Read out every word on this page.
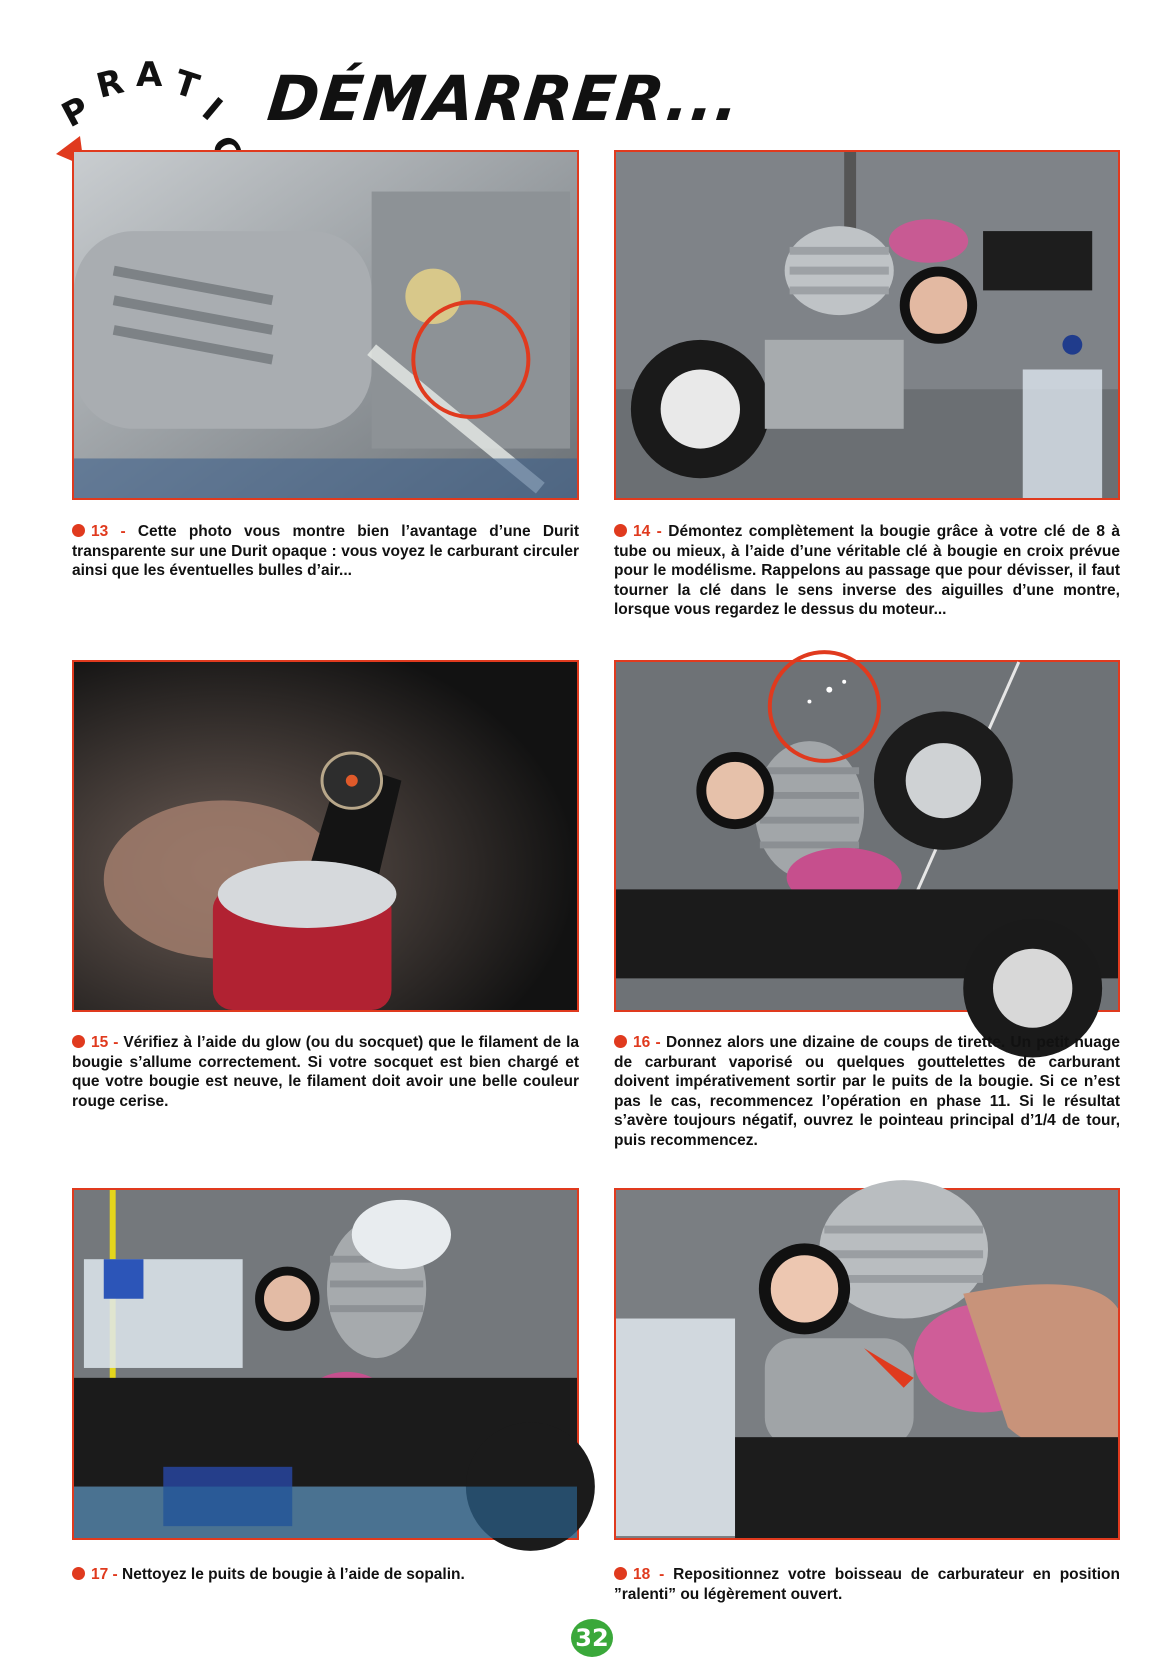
P
R A T
I DÉMARRER...
13 - Cette photo vous montre bien l’avantage d’une Durit transparente sur une Durit opaque : vous voyez le carburant circuler ainsi que les éventuelles bulles d’air...
14 - Démontez complètement la bougie grâce à votre clé de 8 à tube ou mieux, à l’aide d’une véritable clé à bougie en croix prévue pour le modélisme. Rappelons au passage que pour dévisser, il faut tourner la clé dans le sens inverse des aiguilles d’une montre, lorsque vous regardez le dessus du moteur...
15 - Vérifiez à l’aide du glow (ou du socquet) que le filament de la bougie s’allume correctement. Si votre socquet est bien chargé et que votre bougie est neuve, le filament doit avoir une belle couleur rouge cerise.
16 - Donnez alors une dizaine de coups de tirette. Un petit nuage de carburant vaporisé ou quelques gouttelettes de carburant doivent impérativement sortir par le puits de la bougie. Si ce n’est pas le cas, recommencez l’opération en phase 11. Si le résultat s’avère toujours négatif, ouvrez le pointeau principal d’1/4 de tour, puis recommencez.
17 - Nettoyez le puits de bougie à l’aide de sopalin.	18 - Repositionnez votre boisseau de carburateur en position ”ralenti” ou légèrement ouvert.
32
